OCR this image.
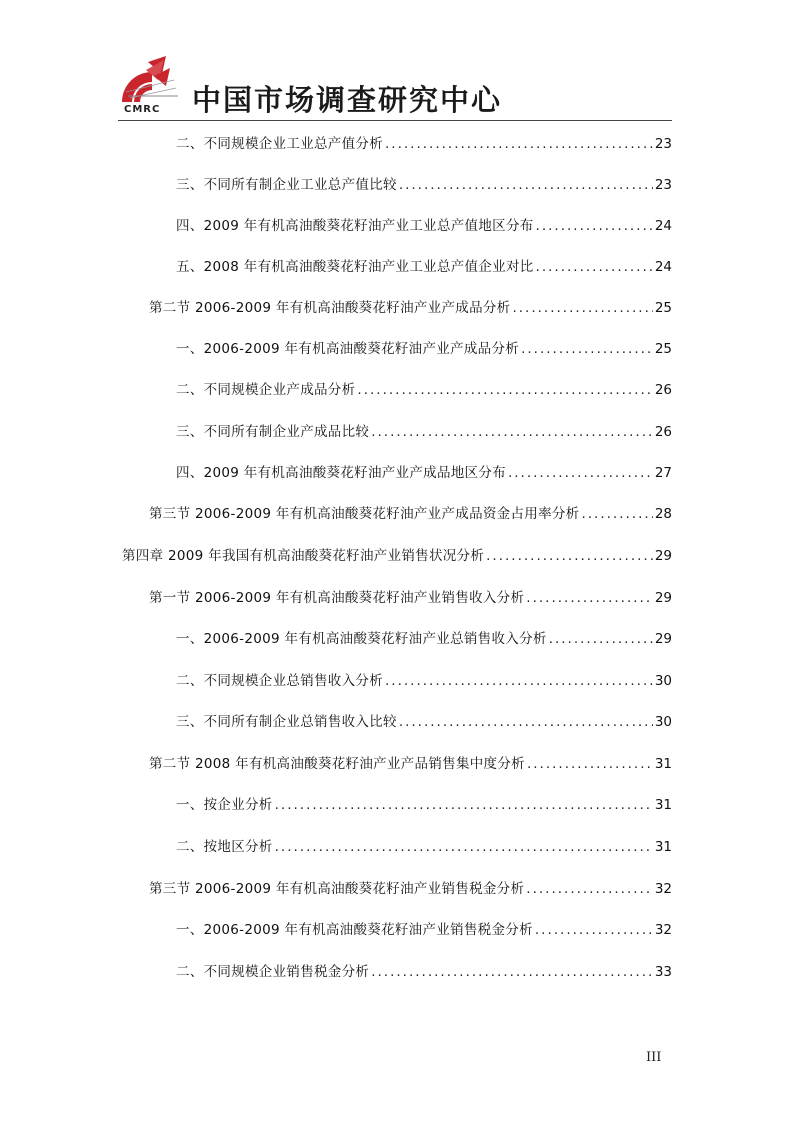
CMRC 中国市场调查研究中心
二、不同规模企业工业总产值分析 .....	23
三、不同所有制企业工业总产值比较 .....	23
四、2009 年有机高油酸葵花籽油产业工业总产值地区分布 .....	24
五、2008 年有机高油酸葵花籽油产业工业总产值企业对比 .....	24
第二节 2006-2009 年有机高油酸葵花籽油产业产成品分析 .....	25
一、2006-2009 年有机高油酸葵花籽油产业产成品分析 .....	25
二、不同规模企业产成品分析 .....	26
三、不同所有制企业产成品比较 .....	26
四、2009 年有机高油酸葵花籽油产业产成品地区分布 .....	27
第三节 2006-2009 年有机高油酸葵花籽油产业产成品资金占用率分析 .....	28
第四章 2009 年我国有机高油酸葵花籽油产业销售状况分析 .....	29
第一节 2006-2009 年有机高油酸葵花籽油产业销售收入分析 .....	29
一、2006-2009 年有机高油酸葵花籽油产业总销售收入分析 .....	29
二、不同规模企业总销售收入分析 .....	30
三、不同所有制企业总销售收入比较 .....	30
第二节 2008 年有机高油酸葵花籽油产业产品销售集中度分析 .....	31
一、按企业分析 .....	31
二、按地区分析 .....	31
第三节 2006-2009 年有机高油酸葵花籽油产业销售税金分析 .....	32
一、2006-2009 年有机高油酸葵花籽油产业销售税金分析 .....	32
二、不同规模企业销售税金分析 .....	33
III
